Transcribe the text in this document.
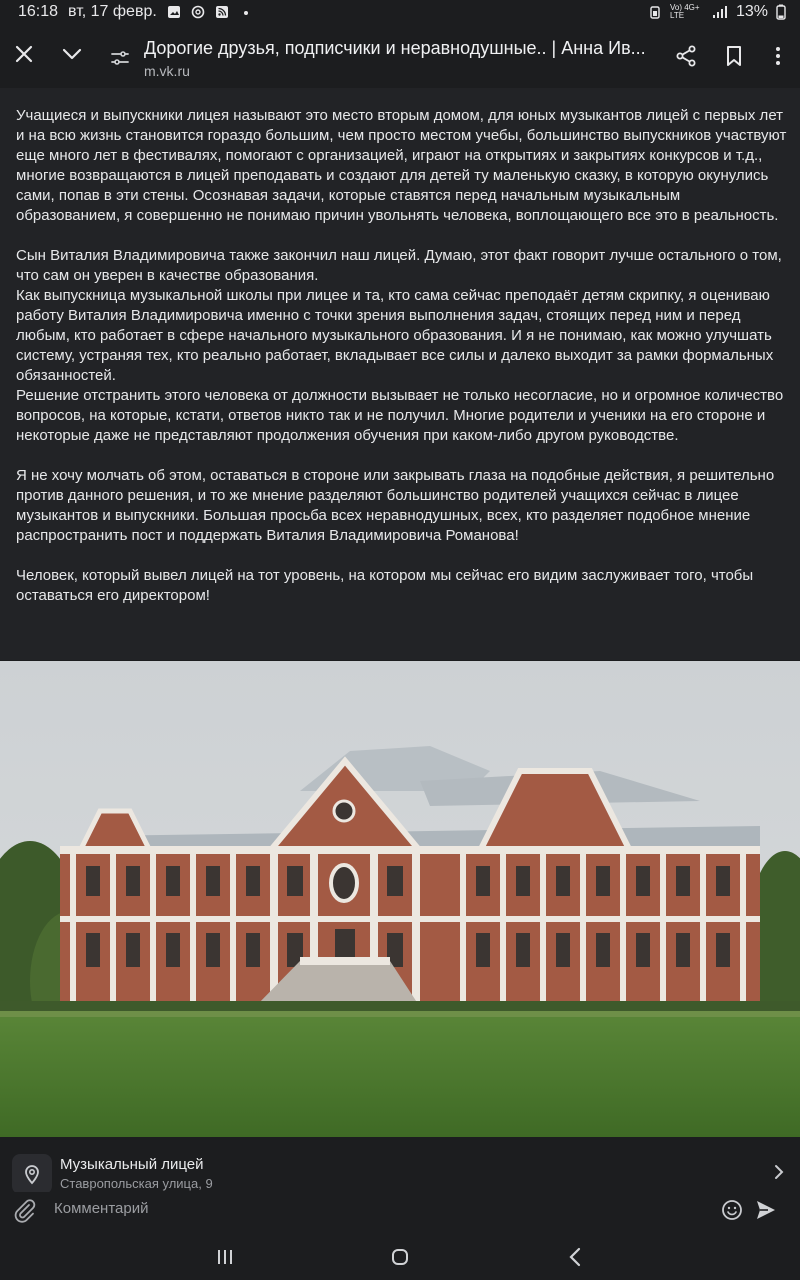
16:18 вт, 17 февр.	Vo) 4G+ LTE	13%
Дорогие друзья, подписчики и неравнодушные.. | Анна Ив...
m.vk.ru

Учащиеся и выпускники лицея называют это место вторым домом, для юных музыкантов лицей с первых лет и на всю жизнь становится гораздо большим, чем просто местом учебы, большинство выпускников участвуют еще много лет в фестивалях, помогают с организацией, играют на открытиях и закрытиях конкурсов и т.д., многие возвращаются в лицей преподавать и создают для детей ту маленькую сказку, в которую окунулись сами, попав в эти стены. Осознавая задачи, которые ставятся перед начальным музыкальным образованием, я совершенно не понимаю причин увольнять человека, воплощающего все это в реальность.

Сын Виталия Владимировича также закончил наш лицей. Думаю, этот факт говорит лучше остального о том, что сам он уверен в качестве образования.

Как выпускница музыкальной школы при лицее и та, кто сама сейчас преподаёт детям скрипку, я оцениваю работу Виталия Владимировича именно с точки зрения выполнения задач, стоящих перед ним и перед любым, кто работает в сфере начального музыкального образования. И я не понимаю, как можно улучшать систему, устраняя тех, кто реально работает, вкладывает все силы и далеко выходит за рамки формальных обязанностей.

Решение отстранить этого человека от должности вызывает не только несогласие, но и огромное количество вопросов, на которые, кстати, ответов никто так и не получил. Многие родители и ученики на его стороне и некоторые даже не представляют продолжения обучения при каком-либо другом руководстве.

Я не хочу молчать об этом, оставаться в стороне или закрывать глаза на подобные действия, я решительно против данного решения, и то же мнение разделяют большинство родителей учащихся сейчас в лицее музыкантов и выпускники. Большая просьба всех неравнодушных, всех, кто разделяет подобное мнение распространить пост и поддержать Виталия Владимировича Романова!

Человек, который вывел лицей на тот уровень, на котором мы сейчас его видим заслуживает того, чтобы оставаться его директором!

Музыкальный лицей
Ставропольская улица, 9
Комментарий
